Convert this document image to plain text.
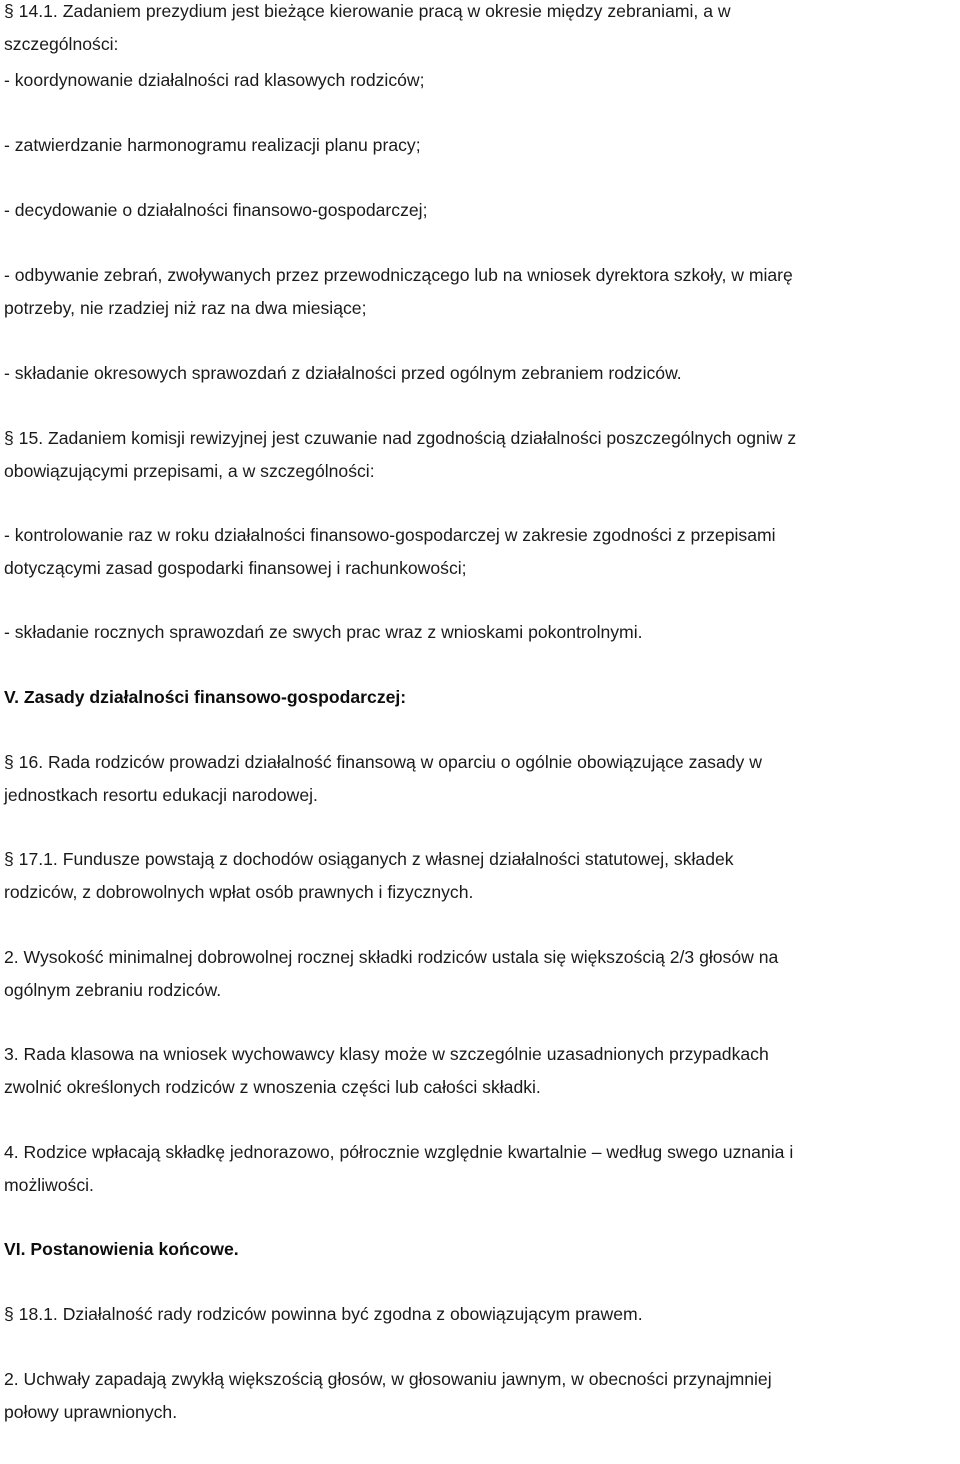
§ 14.1. Zadaniem prezydium jest bieżące kierowanie pracą w okresie między zebraniami, a w
szczególności:

- koordynowanie działalności rad klasowych rodziców;

- zatwierdzanie harmonogramu realizacji planu pracy;

- decydowanie o działalności finansowo-gospodarczej;

- odbywanie zebrań, zwoływanych przez przewodniczącego lub na wniosek dyrektora szkoły, w miarę
potrzeby, nie rzadziej niż raz na dwa miesiące;

- składanie okresowych sprawozdań z działalności przed ogólnym zebraniem rodziców.

§ 15. Zadaniem komisji rewizyjnej jest czuwanie nad zgodnością działalności poszczególnych ogniw z
obowiązującymi przepisami, a w szczególności:

- kontrolowanie raz w roku działalności finansowo-gospodarczej w zakresie zgodności z przepisami
dotyczącymi zasad gospodarki finansowej i rachunkowości;

- składanie rocznych sprawozdań ze swych prac wraz z wnioskami pokontrolnymi.

V. Zasady działalności finansowo-gospodarczej:

§ 16. Rada rodziców prowadzi działalność finansową w oparciu o ogólnie obowiązujące zasady w
jednostkach resortu edukacji narodowej.

§ 17.1. Fundusze powstają z dochodów osiąganych z własnej działalności statutowej, składek
rodziców, z dobrowolnych wpłat osób prawnych i fizycznych.

2. Wysokość minimalnej dobrowolnej rocznej składki rodziców ustala się większością 2/3 głosów na
ogólnym zebraniu rodziców.

3. Rada klasowa na wniosek wychowawcy klasy może w szczególnie uzasadnionych przypadkach
zwolnić określonych rodziców z wnoszenia części lub całości składki.

4. Rodzice wpłacają składkę jednorazowo, półrocznie względnie kwartalnie – według swego uznania i
możliwości.

VI. Postanowienia końcowe.

§ 18.1. Działalność rady rodziców powinna być zgodna z obowiązującym prawem.

2. Uchwały zapadają zwykłą większością głosów, w głosowaniu jawnym, w obecności przynajmniej
połowy uprawnionych.
